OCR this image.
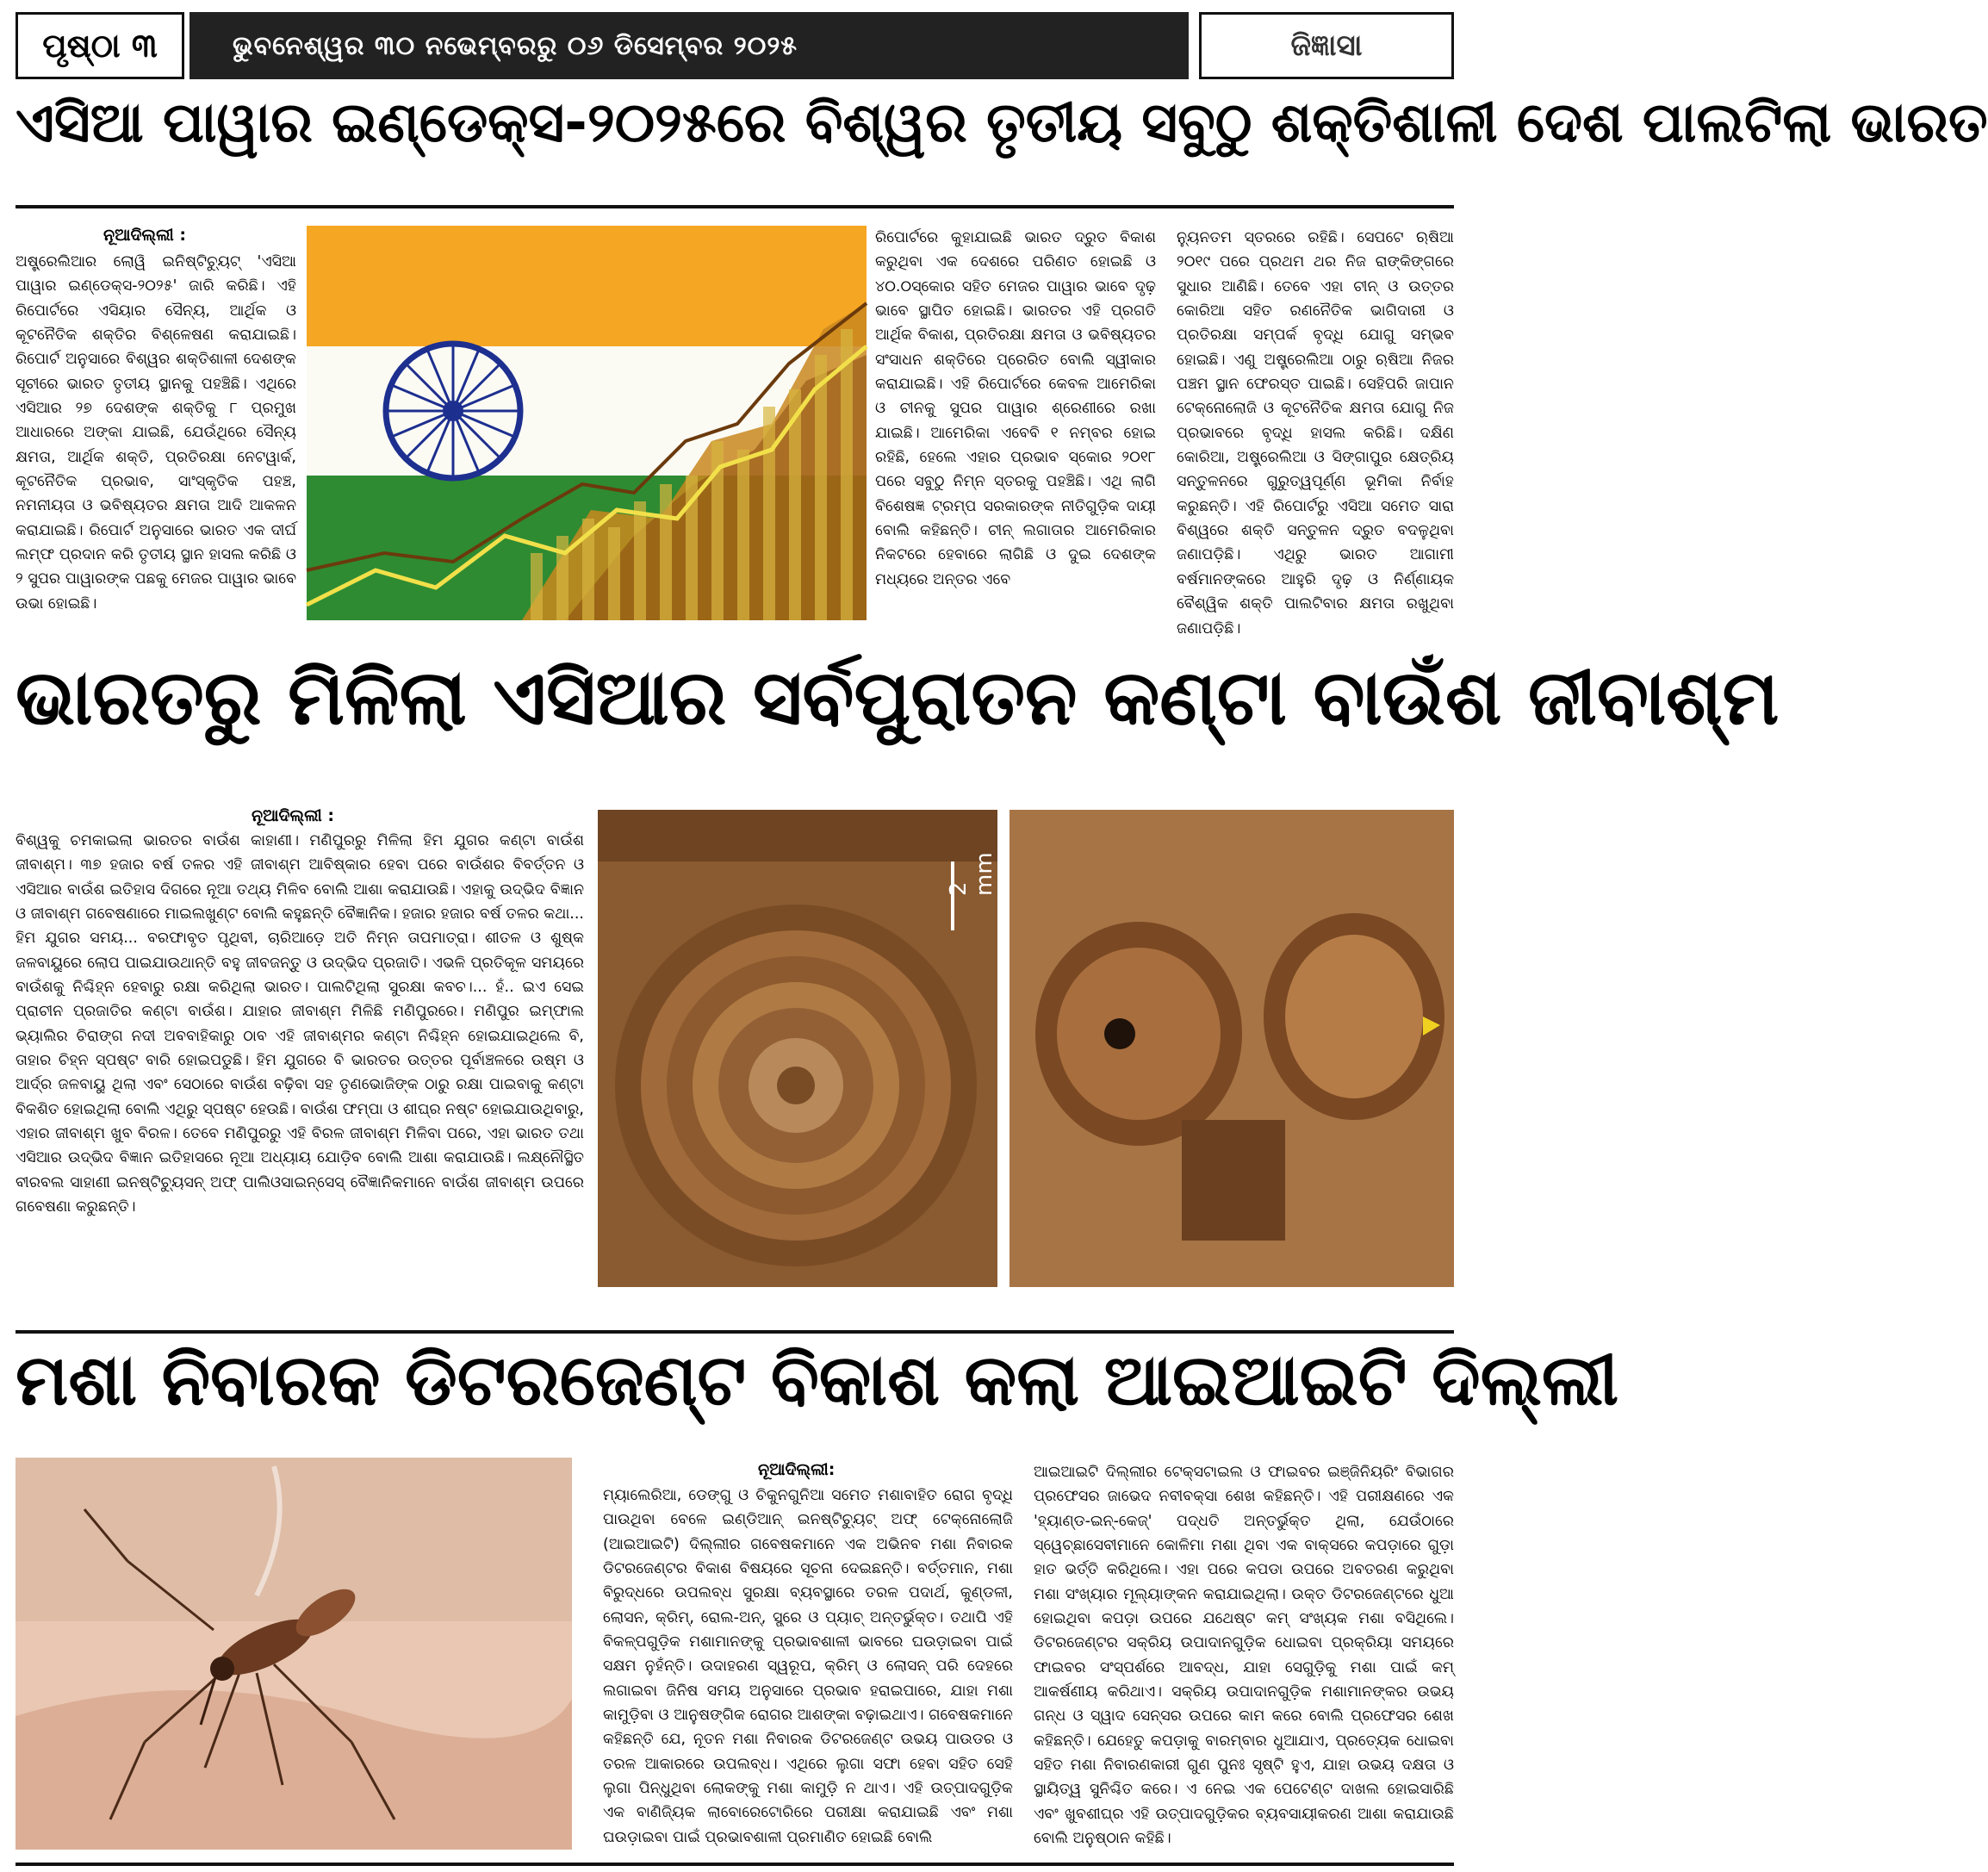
ପୃଷ୍ଠା ୩	ଭୁବନେଶ୍ୱର ୩୦ ନଭେମ୍ବରରୁ ୦୬ ଡିସେମ୍ବର ୨୦୨୫	ଜିଜ୍ଞାସା
ଏସିଆ ପାୱାର ଇଣ୍ଡେକ୍ସ-୨୦୨୫ରେ ବିଶ୍ୱର ତୃତୀୟ ସବୁଠୁ ଶକ୍ତିଶାଳୀ ଦେଶ ପାଲଟିଲା ଭାରତ
ନୂଆଦିଲ୍ଲୀ :
ଅଷ୍ଟ୍ରେଲିଆର ଲୋୱି ଇନିଷ୍ଟିଚ୍ୟୁଟ୍ 'ଏସିଆ ପାୱାର ଇଣ୍ଡେକ୍ସ-୨୦୨୫' ଜାରି କରିଛି। ଏହି ରିପୋର୍ଟରେ ଏସିୟାର ସୈନ୍ୟ, ଆର୍ଥିକ ଓ କୂଟନୈତିକ ଶକ୍ତିର ବିଶ୍ଳେଷଣ କରାଯାଇଛି। ରିପୋର୍ଟ ଅନୁସାରେ ବିଶ୍ୱର ଶକ୍ତିଶାଳୀ ଦେଶଙ୍କ ସୂଚୀରେ ଭାରତ ତୃତୀୟ ସ୍ଥାନକୁ ପହଞ୍ଚିଛି। ଏଥିରେ ଏସିଆର ୨୭ ଦେଶଙ୍କ ଶକ୍ତିକୁ ୮ ପ୍ରମୁଖ ଆଧାରରେ ଅଙ୍କା ଯାଇଛି, ଯେଉଁଥିରେ ସୈନ୍ୟ କ୍ଷମତା, ଆର୍ଥିକ ଶକ୍ତି, ପ୍ରତିରକ୍ଷା ନେଟୱାର୍କ, କୂଟନୈତିକ ପ୍ରଭାବ, ସାଂସ୍କୃତିକ ପହଞ୍ଚ, ନମନୀୟତା ଓ ଭବିଷ୍ୟତର କ୍ଷମତା ଆଦି ଆକଳନ କରାଯାଇଛି। ରିପୋର୍ଟ ଅନୁସାରେ ଭାରତ ଏକ ଦୀର୍ଘ ଲମ୍ଫ ପ୍ରଦାନ କରି ତୃତୀୟ ସ୍ଥାନ ହାସଲ କରିଛି ଓ ୨ ସୁପର ପାୱାରଙ୍କ ପଛକୁ ମେଜର ପାୱାର ଭାବେ ଉଭା ହୋଇଛି।
ରିପୋର୍ଟରେ କୁହାଯାଇଛି ଭାରତ ଦ୍ରୁତ ବିକାଶ କରୁଥିବା ଏକ ଦେଶରେ ପରିଣତ ହୋଇଛି ଓ ୪୦.୦ସ୍କୋର ସହିତ ମେଜର ପାୱାର ଭାବେ ଦୃଢ଼ ଭାବେ ସ୍ଥାପିତ ହୋଇଛି। ଭାରତର ଏହି ପ୍ରଗତି ଆର୍ଥିକ ବିକାଶ, ପ୍ରତିରକ୍ଷା କ୍ଷମତା ଓ ଭବିଷ୍ୟତର ସଂସାଧନ ଶକ୍ତିରେ ପ୍ରେରିତ ବୋଲି ସ୍ୱୀକାର କରାଯାଇଛି। ଏହି ରିପୋର୍ଟରେ କେବଳ ଆମେରିକା ଓ ଚୀନକୁ ସୁପର ପାୱାର ଶ୍ରେଣୀରେ ରଖା ଯାଇଛି। ଆମେରିକା ଏବେବି ୧ ନମ୍ବର ହୋଇ ରହିଛି, ହେଲେ ଏହାର ପ୍ରଭାବ ସ୍କୋର ୨୦୧୮ ପରେ ସବୁଠୁ ନିମ୍ନ ସ୍ତରକୁ ପହଞ୍ଚିଛି। ଏଥି ଲାଗି ବିଶେଷଜ୍ଞ ଟ୍ରମ୍ପ ସରକାରଙ୍କ ନୀତିଗୁଡ଼ିକ ଦାୟୀ ବୋଲି କହିଛନ୍ତି। ଚୀନ୍ ଲଗାତାର ଆମେରିକାର ନିକଟରେ ହେବାରେ ଲାଗିଛି ଓ ଦୁଇ ଦେଶଙ୍କ ମଧ୍ୟରେ ଅନ୍ତର ଏବେ
ନ୍ୟୁନତମ ସ୍ତରରେ ରହିଛି। ସେପଟେ ଋଷିଆ ୨୦୧୯ ପରେ ପ୍ରଥମ ଥର ନିଜ ରାଙ୍କିଙ୍ଗରେ ସୁଧାର ଆଣିଛି। ତେବେ ଏହା ଚୀନ୍ ଓ ଉତ୍ତର କୋରିଆ ସହିତ ରଣନୈତିକ ଭାଗିଦାରୀ ଓ ପ୍ରତିରକ୍ଷା ସମ୍ପର୍କ ବୃଦ୍ଧି ଯୋଗୁ ସମ୍ଭବ ହୋଇଛି। ଏଣୁ ଅଷ୍ଟ୍ରେଲିଆ ଠାରୁ ଋଷିଆ ନିଜର ପଞ୍ଚମ ସ୍ଥାନ ଫେରସ୍ତ ପାଇଛି। ସେହିପରି ଜାପାନ ଟେକ୍ନୋଲୋଜି ଓ କୂଟନୈତିକ କ୍ଷମତା ଯୋଗୁ ନିଜ ପ୍ରଭାବରେ ବୃଦ୍ଧି ହାସଲ କରିଛି। ଦକ୍ଷିଣ କୋରିଆ, ଅଷ୍ଟ୍ରେଲିଆ ଓ ସିଙ୍ଗାପୁର କ୍ଷେତ୍ରିୟ ସନ୍ତୁଳନରେ ଗୁରୁତ୍ୱପୂର୍ଣ୍ଣ ଭୂମିକା ନିର୍ବାହ କରୁଛନ୍ତି। ଏହି ରିପୋର୍ଟରୁ ଏସିଆ ସମେତ ସାରା ବିଶ୍ୱରେ ଶକ୍ତି ସନ୍ତୁଳନ ଦ୍ରୁତ ବଦଳୁଥିବା ଜଣାପଡ଼ିଛି। ଏଥିରୁ ଭାରତ ଆଗାମୀ ବର୍ଷମାନଙ୍କରେ ଆହୁରି ଦୃଢ଼ ଓ ନିର୍ଣ୍ଣାୟକ ବୈଶ୍ୱିକ ଶକ୍ତି ପାଲଟିବାର କ୍ଷମତା ରଖୁଥିବା ଜଣାପଡ଼ିଛି।
ଭାରତରୁ ମିଳିଲା ଏସିଆର ସର୍ବପୁରାତନ କଣ୍ଟା ବାଉଁଶ ଜୀବାଶ୍ମ
ନୂଆଦିଲ୍ଲୀ :
ବିଶ୍ୱକୁ ଚମକାଇଲା ଭାରତର ବାଉଁଶ କାହାଣୀ। ମଣିପୁରରୁ ମିଳିଲା ହିମ ଯୁଗର କଣ୍ଟା ବାଉଁଶ ଜୀବାଶ୍ମ। ୩୭ ହଜାର ବର୍ଷ ତଳର ଏହି ଜୀବାଶ୍ମ ଆବିଷ୍କାର ହେବା ପରେ ବାଉଁଶର ବିବର୍ତ୍ତନ ଓ ଏସିଆର ବାଉଁଶ ଇତିହାସ ଦିଗରେ ନୂଆ ତଥ୍ୟ ମିଳିବ ବୋଲି ଆଶା କରାଯାଉଛି। ଏହାକୁ ଉଦ୍ଭିଦ ବିଜ୍ଞାନ ଓ ଜୀବାଶ୍ମ ଗବେଷଣାରେ ମାଇଲଖୁଣ୍ଟ ବୋଲି କହୁଛନ୍ତି ବୈଜ୍ଞାନିକ। ହଜାର ହଜାର ବର୍ଷ ତଳର କଥା... ହିମ ଯୁଗର ସମୟ... ବରଫାବୃତ ପୃଥିବୀ, ଚାରିଆଡ଼େ ଅତି ନିମ୍ନ ତାପମାତ୍ରା। ଶୀତଳ ଓ ଶୁଷ୍କ ଜଳବାୟୁରେ ଲୋପ ପାଇଯାଉଥାନ୍ତି ବହୁ ଜୀବଜନ୍ତୁ ଓ ଉଦ୍ଭିଦ ପ୍ରଜାତି। ଏଭଳି ପ୍ରତିକୂଳ ସମୟରେ ବାଉଁଶକୁ ନିଶ୍ଚିହ୍ନ ହେବାରୁ ରକ୍ଷା କରିଥିଲା ଭାରତ। ପାଲଟିଥିଲା ସୁରକ୍ଷା କବଚ।... ହଁ.. ଇଏ ସେଇ ପ୍ରାଚୀନ ପ୍ରଜାତିର କଣ୍ଟା ବାଉଁଶ। ଯାହାର ଜୀବାଶ୍ମ ମିଳିଛି ମଣିପୁରରେ। ମଣିପୁର ଇମ୍ଫାଲ ଭ୍ୟାଲିର ଚିରାଙ୍ଗ ନଦୀ ଅବବାହିକାରୁ ଠାବ ଏହି ଜୀବାଶ୍ମର କଣ୍ଟା ନିଶ୍ଚିହ୍ନ ହୋଇଯାଇଥିଲେ ବି, ତାହାର ଚିହ୍ନ ସ୍ପଷ୍ଟ ବାରି ହୋଇପଡୁଛି। ହିମ ଯୁଗରେ ବି ଭାରତର ଉତ୍ତର ପୂର୍ବାଞ୍ଚଳରେ ଉଷ୍ମ ଓ ଆର୍ଦ୍ର ଜଳବାୟୁ ଥିଲା ଏବଂ ସେଠାରେ ବାଉଁଶ ବଢ଼ିବା ସହ ତୃଣଭୋଜିଙ୍କ ଠାରୁ ରକ୍ଷା ପାଇବାକୁ କଣ୍ଟା ବିକଶିତ ହୋଇଥିଲା ବୋଲି ଏଥିରୁ ସ୍ପଷ୍ଟ ହେଉଛି। ବାଉଁଶ ଫମ୍ପା ଓ ଶୀଘ୍ର ନଷ୍ଟ ହୋଇଯାଉଥିବାରୁ, ଏହାର ଜୀବାଶ୍ମ ଖୁବ ବିରଳ। ତେବେ ମଣିପୁରରୁ ଏହି ବିରଳ ଜୀବାଶ୍ମ ମିଳିବା ପରେ, ଏହା ଭାରତ ତଥା ଏସିଆର ଉଦ୍ଭିଦ ବିଜ୍ଞାନ ଇତିହାସରେ ନୂଆ ଅଧ୍ୟାୟ ଯୋଡ଼ିବ ବୋଲି ଆଶା କରାଯାଉଛି। ଲକ୍ଷ୍ନୌସ୍ଥିତ ବୀରବଲ ସାହାଣୀ ଇନଷ୍ଟିଚ୍ୟୁସନ୍ ଅଫ୍ ପାଲିଓସାଇନ୍ସେସ୍ ବୈଜ୍ଞାନିକମାନେ ବାଉଁଶ ଜୀବାଶ୍ମ ଉପରେ ଗବେଷଣା କରୁଛନ୍ତି।
2 mm
ମଶା ନିବାରକ ଡିଟରଜେଣ୍ଟ ବିକାଶ କଲା ଆଇଆଇଟି ଦିଲ୍ଲୀ
ନୂଆଦିଲ୍ଲୀ:
ମ୍ୟାଲେରିଆ, ଡେଙ୍ଗୁ ଓ ଚିକୁନଗୁନିଆ ସମେତ ମଶାବାହିତ ରୋଗ ବୃଦ୍ଧି ପାଉଥିବା ବେଳେ ଇଣ୍ଡିଆନ୍ ଇନଷ୍ଟିଚ୍ୟୁଟ୍ ଅଫ୍ ଟେକ୍ନୋଲୋଜି (ଆଇଆଇଟି) ଦିଲ୍ଲୀର ଗବେଷକମାନେ ଏକ ଅଭିନବ ମଶା ନିବାରକ ଡିଟରଜେଣ୍ଟର ବିକାଶ ବିଷୟରେ ସୂଚନା ଦେଇଛନ୍ତି। ବର୍ତ୍ତମାନ, ମଶା ବିରୁଦ୍ଧରେ ଉପଲବ୍ଧ ସୁରକ୍ଷା ବ୍ୟବସ୍ଥାରେ ତରଳ ପଦାର୍ଥ, କୁଣ୍ଡଳୀ, ଲୋସନ, କ୍ରିମ୍, ରୋଲ-ଅନ୍, ସ୍ପ୍ରେ ଓ ପ୍ୟାଚ୍ ଅନ୍ତର୍ଭୁକ୍ତ। ତଥାପି ଏହି ବିକଳ୍ପଗୁଡ଼ିକ ମଶାମାନଙ୍କୁ ପ୍ରଭାବଶାଳୀ ଭାବରେ ଘଉଡ଼ାଇବା ପାଇଁ ସକ୍ଷମ ନୁହଁନ୍ତି। ଉଦାହରଣ ସ୍ୱରୂପ, କ୍ରିମ୍ ଓ ଲୋସନ୍ ପରି ଦେହରେ ଲଗାଇବା ଜିନିଷ ସମୟ ଅନୁସାରେ ପ୍ରଭାବ ହରାଇପାରେ, ଯାହା ମଶା କାମୁଡ଼ିବା ଓ ଆନୁଷଙ୍ଗିକ ରୋଗର ଆଶଙ୍କା ବଢ଼ାଇଥାଏ। ଗବେଷକମାନେ କହିଛନ୍ତି ଯେ, ନୂତନ ମଶା ନିବାରକ ଡିଟରଜେଣ୍ଟ ଉଭୟ ପାଉଡର ଓ ତରଳ ଆକାରରେ ଉପଲବ୍ଧ। ଏଥିରେ ଲୁଗା ସଫା ହେବା ସହିତ ସେହି ଲୁଗା ପିନ୍ଧୁଥିବା ଲୋକଙ୍କୁ ମଶା କାମୁଡ଼ି ନ ଥାଏ। ଏହି ଉତ୍ପାଦଗୁଡ଼ିକ ଏକ ବାଣିଜ୍ୟିକ ଲାବୋରେଟୋରିରେ ପରୀକ୍ଷା କରାଯାଇଛି ଏବଂ ମଶା ଘଉଡ଼ାଇବା ପାଇଁ ପ୍ରଭାବଶାଳୀ ପ୍ରମାଣିତ ହୋଇଛି ବୋଲି
ଆଇଆଇଟି ଦିଲ୍ଲୀର ଟେକ୍ସଟାଇଲ ଓ ଫାଇବର ଇଞ୍ଜିନିୟରିଂ ବିଭାଗର ପ୍ରଫେସର ଜାଭେଦ ନବୀବକ୍ସା ଶେଖ କହିଛନ୍ତି। ଏହି ପରୀକ୍ଷଣରେ ଏକ 'ହ୍ୟାଣ୍ଡ-ଇନ୍-କେଜ୍' ପଦ୍ଧତି ଅନ୍ତର୍ଭୁକ୍ତ ଥିଲା, ଯେଉଁଠାରେ ସ୍ୱେଚ୍ଛାସେବୀମାନେ କୋଳିମା ମଶା ଥିବା ଏକ ବାକ୍ସରେ କପଡ଼ାରେ ଗୁଡ଼ା ହାତ ଭର୍ତ୍ତି କରିଥିଲେ। ଏହା ପରେ କପଡା ଉପରେ ଅବତରଣ କରୁଥିବା ମଶା ସଂଖ୍ୟାର ମୂଲ୍ୟାଙ୍କନ କରାଯାଇଥିଲା। ଉକ୍ତ ଡିଟରଜେଣ୍ଟରେ ଧୁଆ ହୋଇଥିବା କପଡ଼ା ଉପରେ ଯଥେଷ୍ଟ କମ୍ ସଂଖ୍ୟକ ମଶା ବସିଥିଲେ। ଡିଟରଜେଣ୍ଟର ସକ୍ରିୟ ଉପାଦାନଗୁଡ଼ିକ ଧୋଇବା ପ୍ରକ୍ରିୟା ସମୟରେ ଫାଇବର ସଂସ୍ପର୍ଶରେ ଆବଦ୍ଧ, ଯାହା ସେଗୁଡ଼ିକୁ ମଶା ପାଇଁ କମ୍ ଆକର୍ଷଣୀୟ କରିଥାଏ। ସକ୍ରିୟ ଉପାଦାନଗୁଡ଼ିକ ମଶାମାନଙ୍କର ଉଭୟ ଗନ୍ଧ ଓ ସ୍ୱାଦ ସେନ୍ସର ଉପରେ କାମ କରେ ବୋଲି ପ୍ରଫେସର ଶେଖ କହିଛନ୍ତି। ଯେହେତୁ କପଡ଼ାକୁ ବାରମ୍ବାର ଧୁଆଯାଏ, ପ୍ରତ୍ୟେକ ଧୋଇବା ସହିତ ମଶା ନିବାରଣକାରୀ ଗୁଣ ପୁନଃ ସୃଷ୍ଟି ହୁଏ, ଯାହା ଉଭୟ ଦକ୍ଷତା ଓ ସ୍ଥାୟିତ୍ୱ ସୁନିଶ୍ଚିତ କରେ। ଏ ନେଇ ଏକ ପେଟେଣ୍ଟ ଦାଖଲ ହୋଇସାରିଛି ଏବଂ ଖୁବଶୀଘ୍ର ଏହି ଉତ୍ପାଦଗୁଡ଼ିକର ବ୍ୟବସାୟୀକରଣ ଆଶା କରାଯାଉଛି ବୋଲି ଅନୁଷ୍ଠାନ କହିଛି।
